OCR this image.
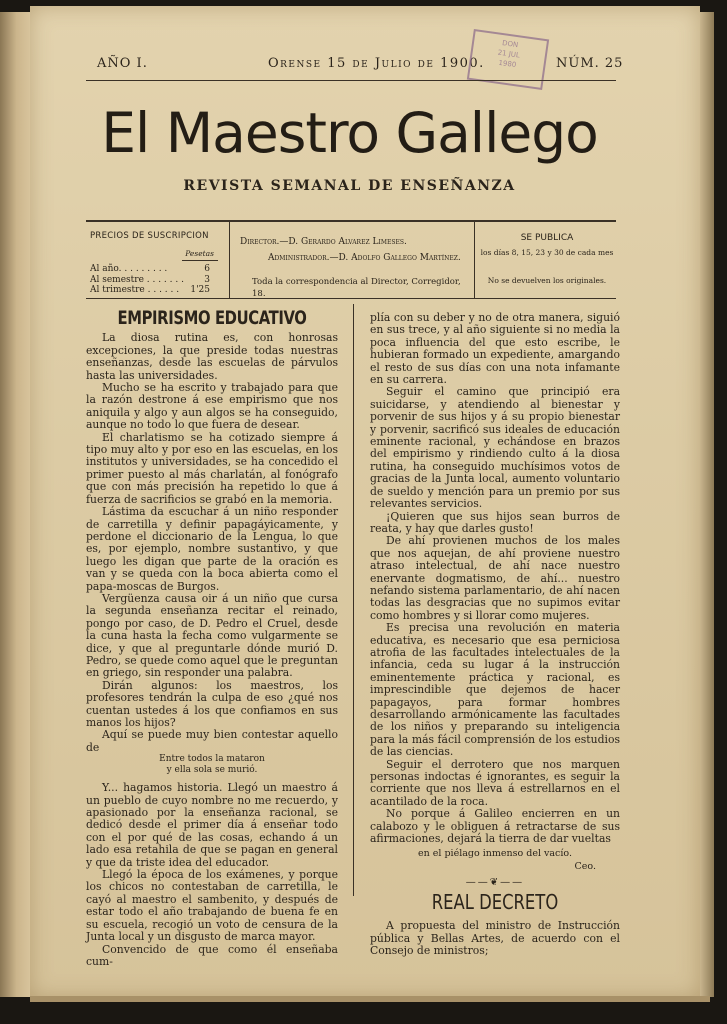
AÑO I.	Orense 15 de Julio de 1900.	NÚM. 25
DON
21 JUL
1980
El Maestro Gallego
REVISTA SEMANAL DE ENSEÑANZA
PRECIOS DE SUSCRIPCION
Pesetas
Al año. . . . . . . . .	6
Al semestre . . . . . . .	3
Al trimestre . . . . . .	1'25
Director.—D. Gerardo Alvarez Limeses.
Administrador.—D. Adolfo Gallego Martínez.
Toda la correspondencia al Director, Corregidor, 18.
SE PUBLICA
los días 8, 15, 23 y 30 de cada mes
No se devuelven los originales.
EMPIRISMO EDUCATIVO

La diosa rutina es, con honrosas excepciones, la que preside todas nuestras enseñanzas, desde las escuelas de párvulos hasta las universidades.

Mucho se ha escrito y trabajado para que la razón destrone á ese empirismo que nos aniquila y algo y aun algos se ha conseguido, aunque no todo lo que fuera de desear.

El charlatismo se ha cotizado siempre á tipo muy alto y por eso en las escuelas, en los institutos y universidades, se ha concedido el primer puesto al más charlatán, al fonógrafo que con más precisión ha repetido lo que á fuerza de sacrificios se grabó en la memoria.

Lástima da escuchar á un niño responder de carretilla y definir papagáyicamente, y perdone el diccionario de la Lengua, lo que es, por ejemplo, nombre sustantivo, y que luego les digan que parte de la oración es van y se queda con la boca abierta como el papa-moscas de Burgos.

Vergüenza causa oir á un niño que cursa la segunda enseñanza recitar el reinado, pongo por caso, de D. Pedro el Cruel, desde la cuna hasta la fecha como vulgarmente se dice, y que al preguntarle dónde murió D. Pedro, se quede como aquel que le preguntan en griego, sin responder una palabra.

Dirán algunos: los maestros, los profesores tendrán la culpa de eso ¿qué nos cuentan ustedes á los que confiamos en sus manos los hijos?

Aquí se puede muy bien contestar aquello de

Entre todos la mataron

y ella sola se murió.

Y... hagamos historia. Llegó un maestro á un pueblo de cuyo nombre no me recuerdo, y apasionado por la enseñanza racional, se dedicó desde el primer día á enseñar todo con el por qué de las cosas, echando á un lado esa retahila de que se pagan en general y que da triste idea del educador.

Llegó la época de los exámenes, y porque los chicos no contestaban de carretilla, le cayó al maestro el sambenito, y después de estar todo el año trabajando de buena fe en su escuela, recogió un voto de censura de la Junta local y un disgusto de marca mayor.

Convencido de que como él enseñaba cum-

plía con su deber y no de otra manera, siguió en sus trece, y al año siguiente si no media la poca influencia del que esto escribe, le hubieran formado un expediente, amargando el resto de sus días con una nota infamante en su carrera.

Seguir el camino que principió era suicidarse, y atendiendo al bienestar y porvenir de sus hijos y á su propio bienestar y porvenir, sacrificó sus ideales de educación eminente racional, y echándose en brazos del empirismo y rindiendo culto á la diosa rutina, ha conseguido muchísimos votos de gracias de la Junta local, aumento voluntario de sueldo y mención para un premio por sus relevantes servicios.

¡Quieren que sus hijos sean burros de reata, y hay que darles gusto!

De ahí provienen muchos de los males que nos aquejan, de ahí proviene nuestro atraso intelectual, de ahí nace nuestro enervante dogmatismo, de ahí... nuestro nefando sistema parlamentario, de ahí nacen todas las desgracias que no supimos evitar como hombres y si llorar como mujeres.

Es precisa una revolución en materia educativa, es necesario que esa perniciosa atrofia de las facultades intelectuales de la infancia, ceda su lugar á la instrucción eminentemente práctica y racional, es imprescindible que dejemos de hacer papagayos, para formar hombres desarrollando armónicamente las facultades de los niños y preparando su inteligencia para la más fácil comprensión de los estudios de las ciencias.

Seguir el derrotero que nos marquen personas indoctas é ignorantes, es seguir la corriente que nos lleva á estrellarnos en el acantilado de la roca.

No porque á Galileo encierren en un calabozo y le obliguen á retractarse de sus afirmaciones, dejará la tierra de dar vueltas

en el piélago inmenso del vacío.

Ceo.

——❦——
REAL DECRETO

A propuesta del ministro de Instrucción pública y Bellas Artes, de acuerdo con el Consejo de ministros;
